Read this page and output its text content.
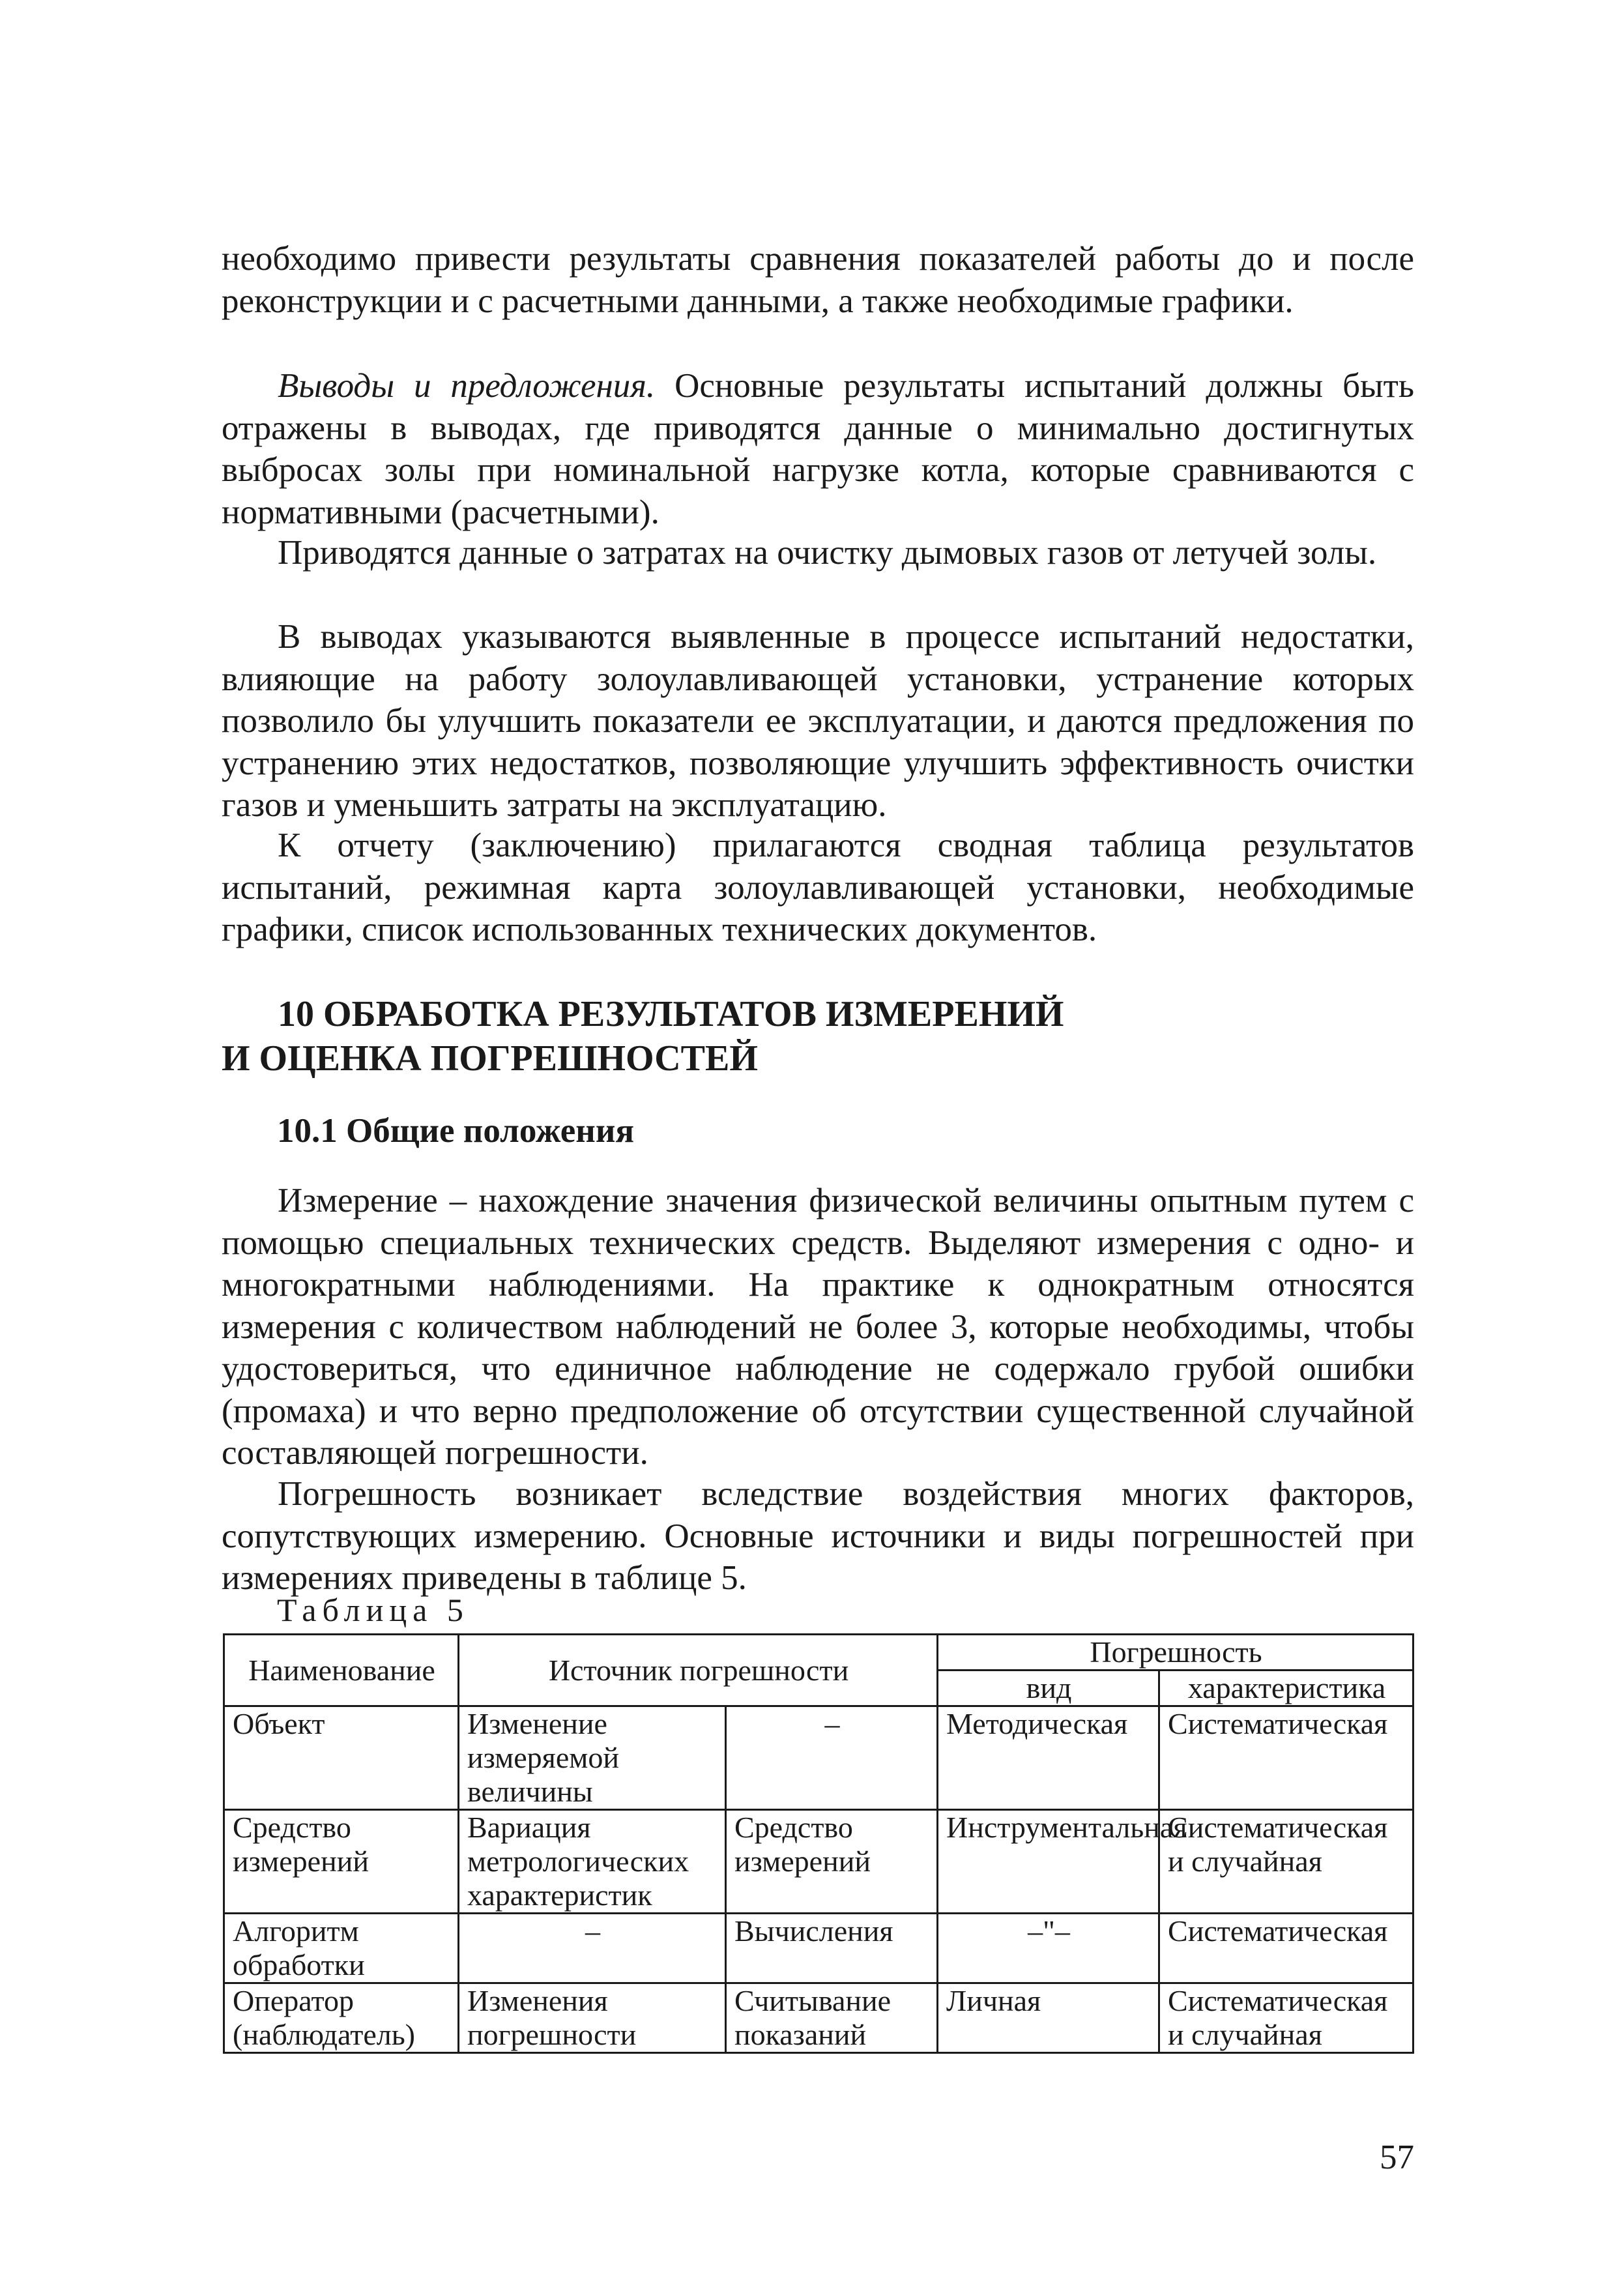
необходимо привести результаты сравнения показателей работы до и после реконструкции и с расчетными данными, а также необходимые графики.

Выводы и предложения. Основные результаты испытаний должны быть отражены в выводах, где приводятся данные о минимально достигнутых выбросах золы при номинальной нагрузке котла, которые сравниваются с нормативными (расчетными).

Приводятся данные о затратах на очистку дымовых газов от летучей золы.

В выводах указываются выявленные в процессе испытаний недостатки, влияющие на работу золоулавливающей установки, устранение которых позволило бы улучшить показатели ее эксплуатации, и даются предложения по устранению этих недостатков, позволяющие улучшить эффективность очистки газов и уменьшить затраты на эксплуатацию.

К отчету (заключению) прилагаются сводная таблица результатов испытаний, режимная карта золоулавливающей установки, необходимые графики, список использованных технических документов.

10 ОБРАБОТКА РЕЗУЛЬТАТОВ ИЗМЕРЕНИЙ
И ОЦЕНКА ПОГРЕШНОСТЕЙ

10.1 Общие положения

Измерение – нахождение значения физической величины опытным путем с помощью специальных технических средств. Выделяют измерения с одно- и многократными наблюдениями. На практике к однократным относятся измерения с количеством наблюдений не более 3, которые необходимы, чтобы удостовериться, что единичное наблюдение не содержало грубой ошибки (промаха) и что верно предположение об отсутствии существенной случайной составляющей погрешности.

Погрешность возникает вследствие воздействия многих факторов, сопутствующих измерению. Основные источники и виды погрешностей при измерениях приведены в таблице 5.

Таблица 5

Наименование	Источник погрешности		Погрешность	
			вид	характеристика
Объект	Изменение измеряемой величины	–	Методическая	Систематическая
Средство измерений	Вариация метрологических характеристик	Средство измерений	Инструментальная	Систематическая и случайная
Алгоритм обработки	–	Вычисления	–"–	Систематическая
Оператор (наблюдатель)	Изменения погрешности	Считывание показаний	Личная	Систематическая и случайная

57
